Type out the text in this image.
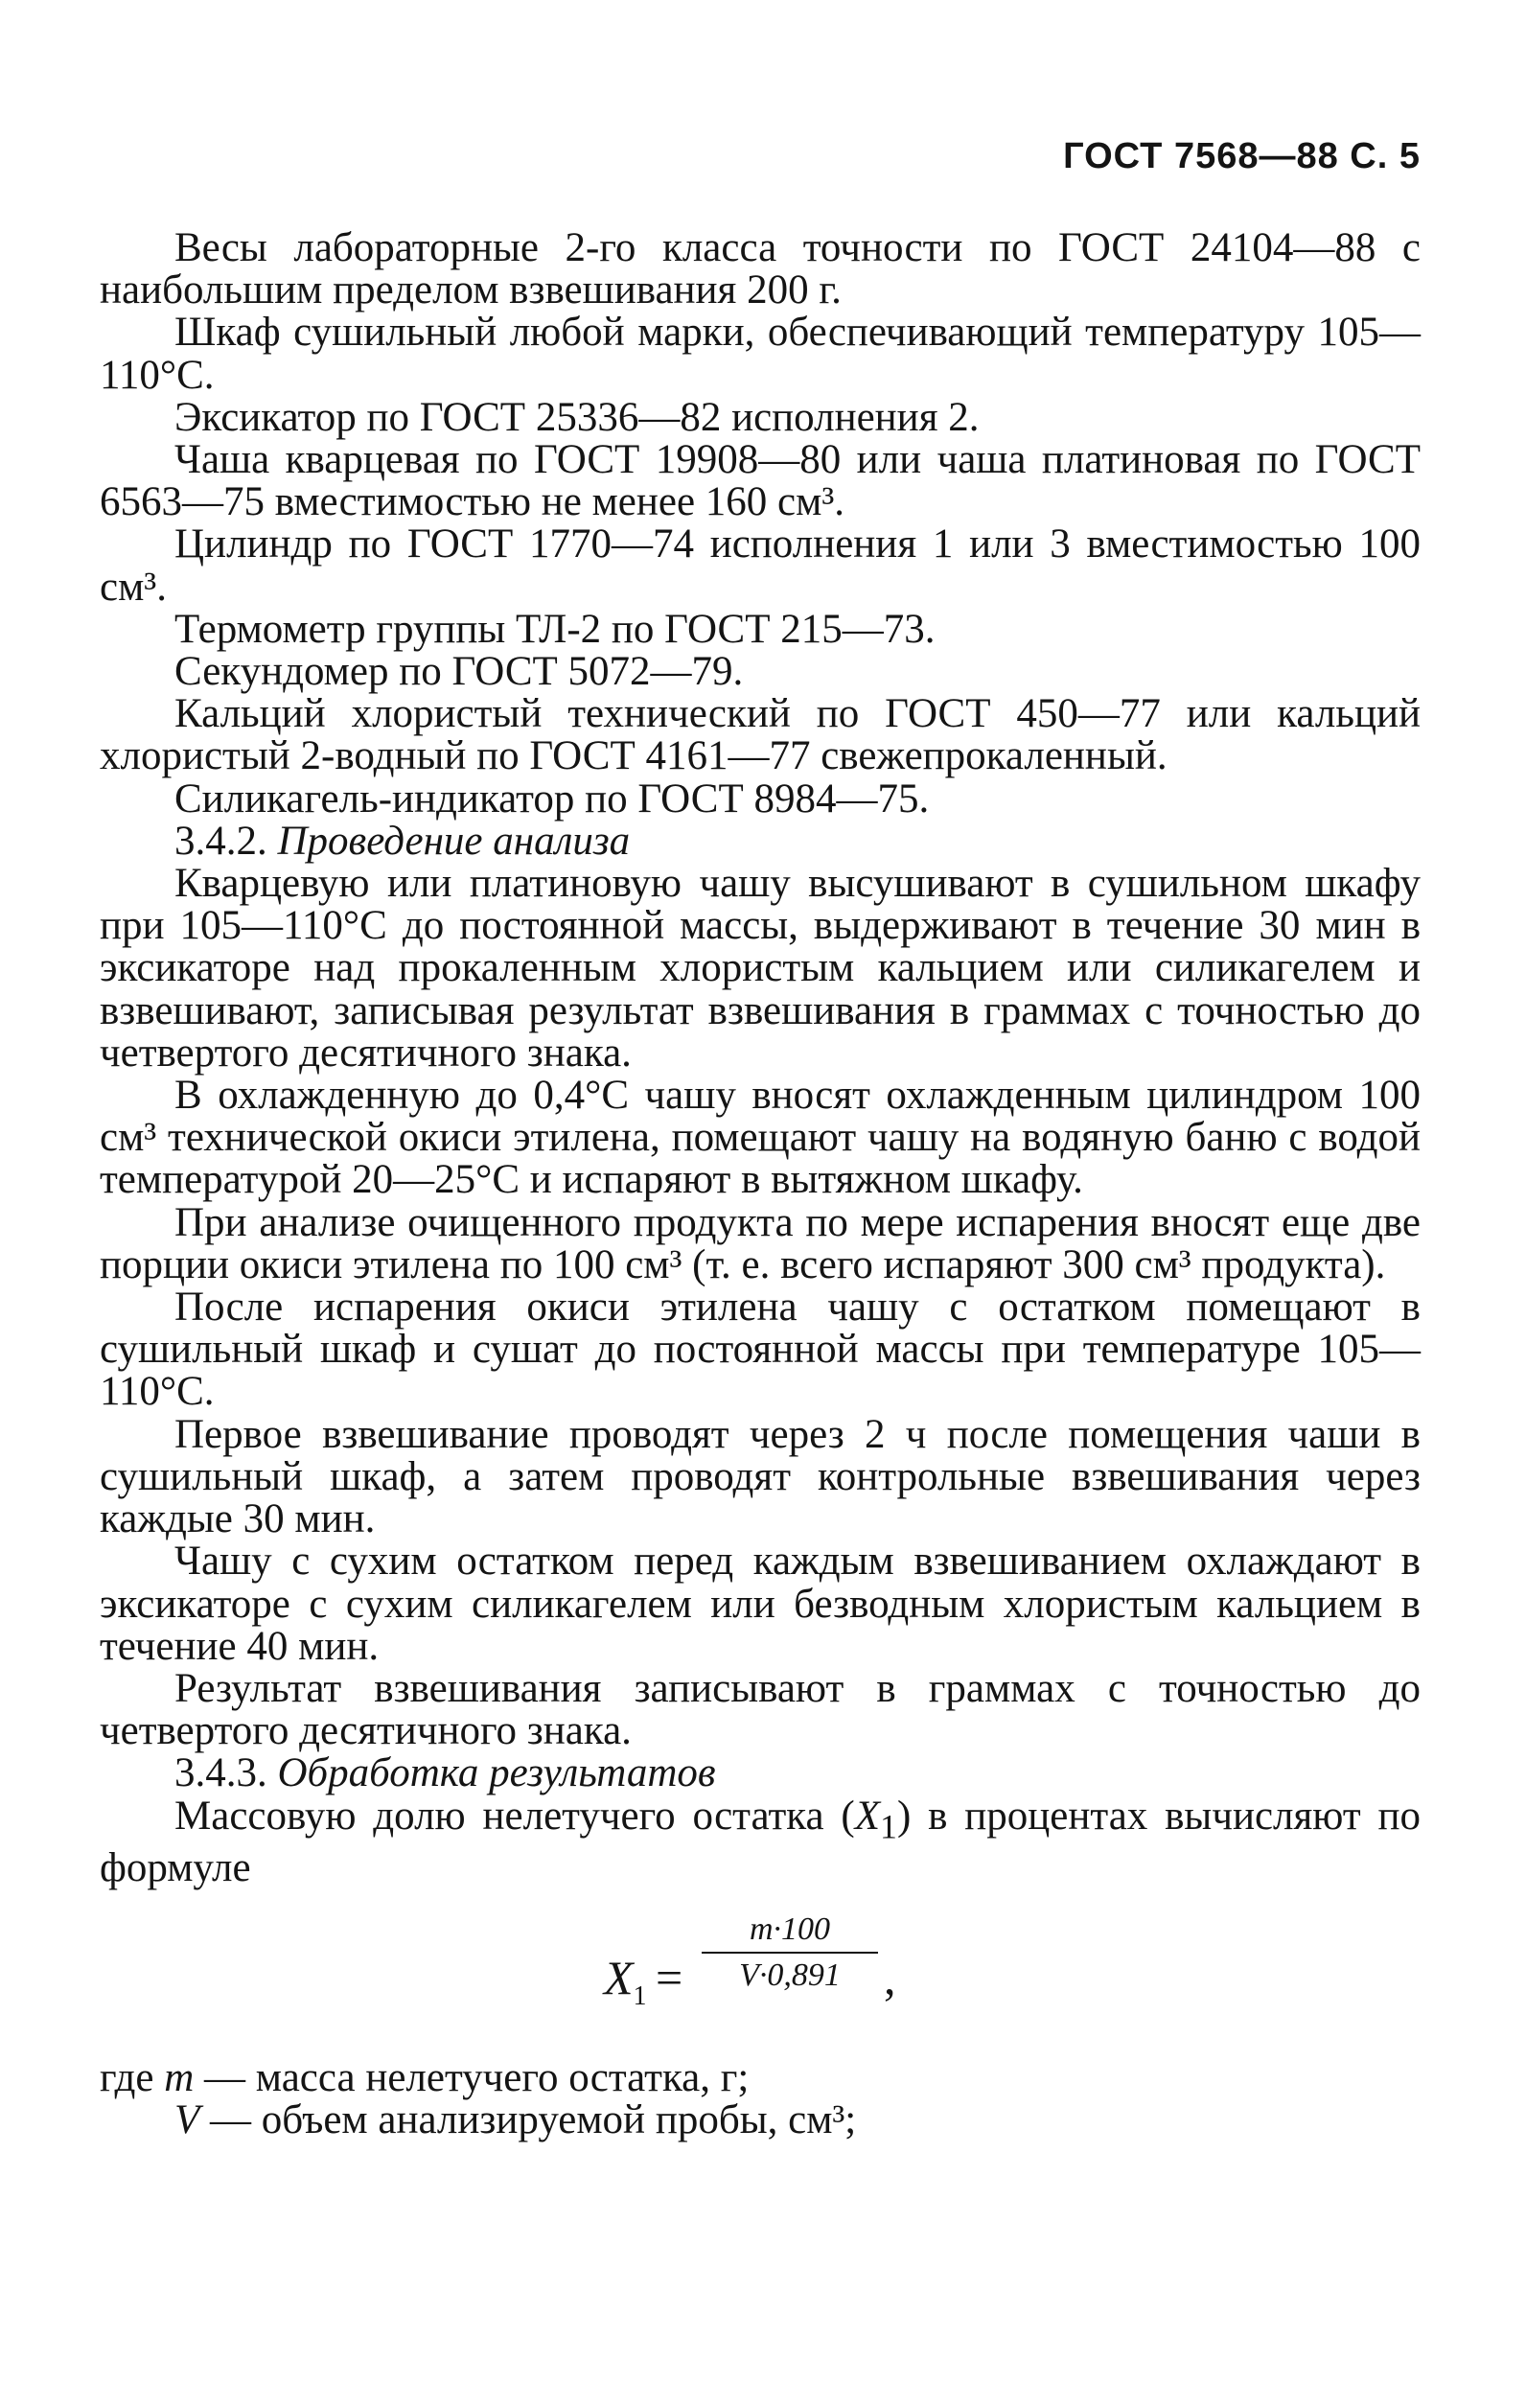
ГОСТ 7568—88 С. 5

Весы лабораторные 2-го класса точности по ГОСТ 24104—88 с наибольшим пределом взвешивания 200 г.

Шкаф сушильный любой марки, обеспечивающий температуру 105—110°С.

Эксикатор по ГОСТ 25336—82 исполнения 2.

Чаша кварцевая по ГОСТ 19908—80 или чаша платиновая по ГОСТ 6563—75 вместимостью не менее 160 см³.

Цилиндр по ГОСТ 1770—74 исполнения 1 или 3 вместимостью 100 см³.

Термометр группы ТЛ-2 по ГОСТ 215—73.

Секундомер по ГОСТ 5072—79.

Кальций хлористый технический по ГОСТ 450—77 или кальций хлористый 2-водный по ГОСТ 4161—77 свежепрокаленный.

Силикагель-индикатор по ГОСТ 8984—75.

3.4.2. Проведение анализа

Кварцевую или платиновую чашу высушивают в сушильном шкафу при 105—110°С до постоянной массы, выдерживают в течение 30 мин в эксикаторе над прокаленным хлористым кальцием или силикагелем и взвешивают, записывая результат взвешивания в граммах с точностью до четвертого десятичного знака.

В охлажденную до 0,4°С чашу вносят охлажденным цилиндром 100 см³ технической окиси этилена, помещают чашу на водяную баню с водой температурой 20—25°С и испаряют в вытяжном шкафу.

При анализе очищенного продукта по мере испарения вносят еще две порции окиси этилена по 100 см³ (т. е. всего испаряют 300 см³ продукта).

После испарения окиси этилена чашу с остатком помещают в сушильный шкаф и сушат до постоянной массы при температуре 105—110°С.

Первое взвешивание проводят через 2 ч после помещения чаши в сушильный шкаф, а затем проводят контрольные взвешивания через каждые 30 мин.

Чашу с сухим остатком перед каждым взвешиванием охлаждают в эксикаторе с сухим силикагелем или безводным хлористым кальцием в течение 40 мин.

Результат взвешивания записывают в граммах с точностью до четвертого десятичного знака.

3.4.3. Обработка результатов

Массовую долю нелетучего остатка $(X_1)$ в процентах вычисляют по формуле

$X_1$ =
m·100
V·0,891 ,

где m — масса нелетучего остатка, г;

V — объем анализируемой пробы, см³;
